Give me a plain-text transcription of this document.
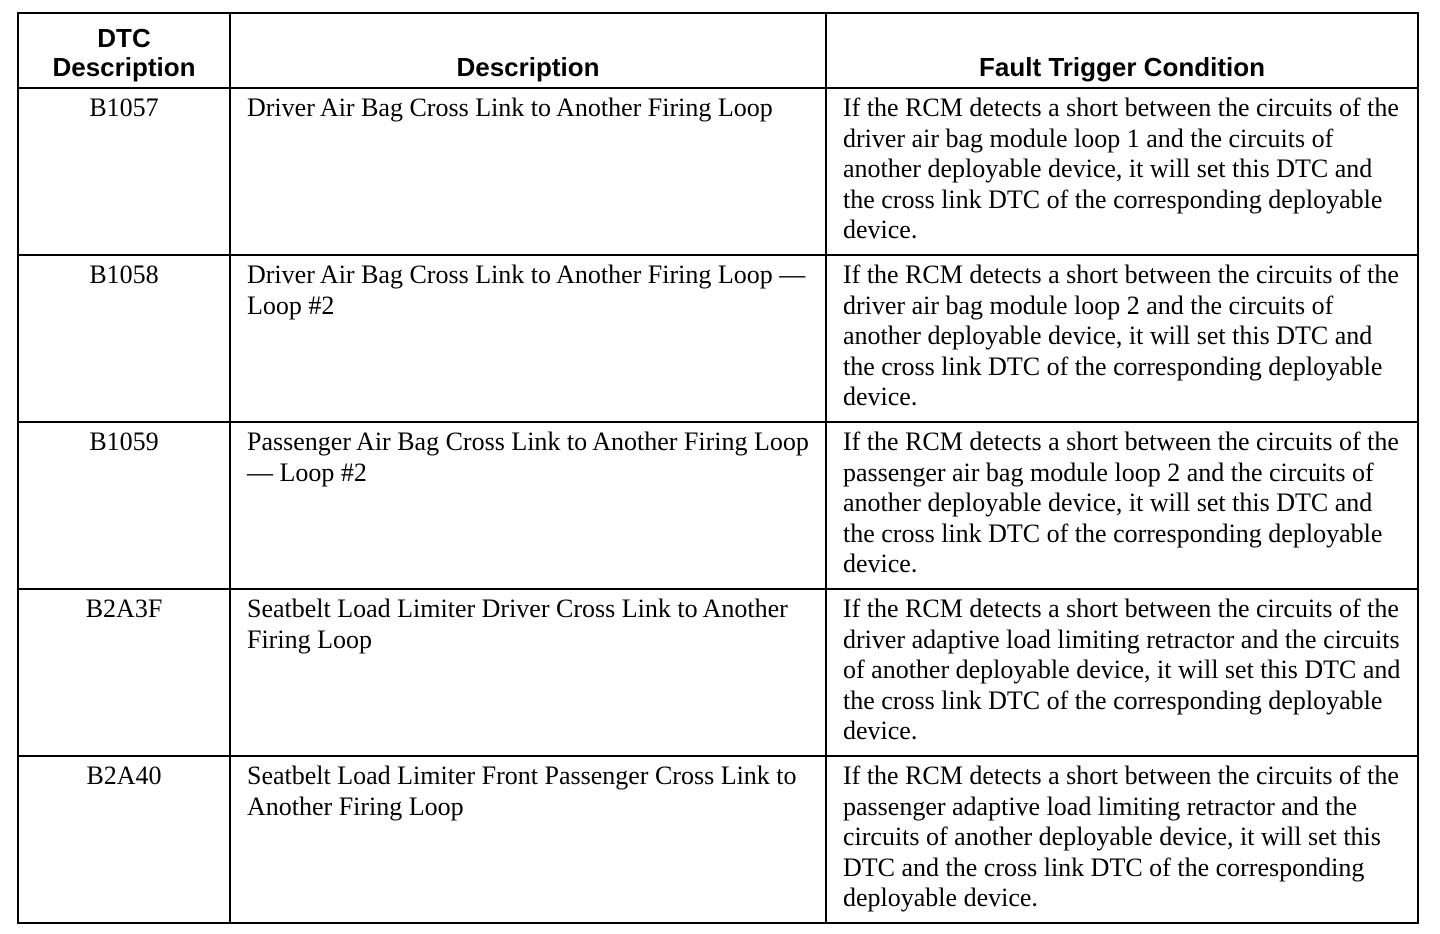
DTC
Description	Description	Fault Trigger Condition
B1057	Driver Air Bag Cross Link to Another Firing Loop	If the RCM detects a short between the circuits of the driver air bag module loop 1 and the circuits of another deployable device, it will set this DTC and the cross link DTC of the corresponding deployable device.
B1058	Driver Air Bag Cross Link to Another Firing Loop — Loop #2	If the RCM detects a short between the circuits of the driver air bag module loop 2 and the circuits of another deployable device, it will set this DTC and the cross link DTC of the corresponding deployable device.
B1059	Passenger Air Bag Cross Link to Another Firing Loop — Loop #2	If the RCM detects a short between the circuits of the passenger air bag module loop 2 and the circuits of another deployable device, it will set this DTC and the cross link DTC of the corresponding deployable device.
B2A3F	Seatbelt Load Limiter Driver Cross Link to Another Firing Loop	If the RCM detects a short between the circuits of the driver adaptive load limiting retractor and the circuits of another deployable device, it will set this DTC and the cross link DTC of the corresponding deployable device.
B2A40	Seatbelt Load Limiter Front Passenger Cross Link to Another Firing Loop	If the RCM detects a short between the circuits of the passenger adaptive load limiting retractor and the circuits of another deployable device, it will set this DTC and the cross link DTC of the corresponding deployable device.
